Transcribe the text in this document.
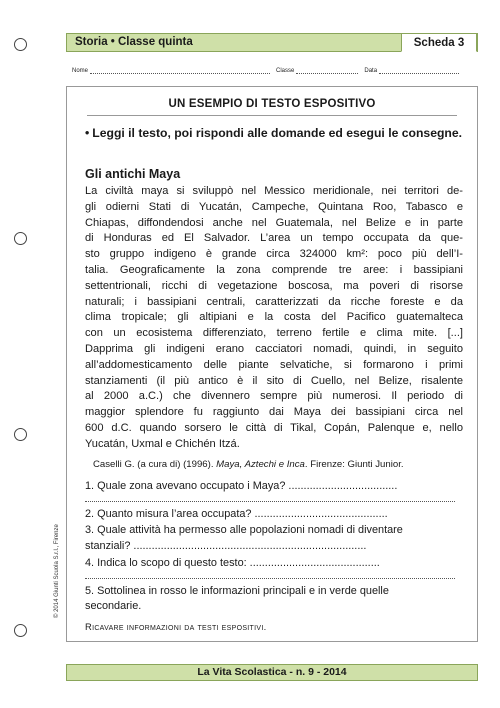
Storia • Classe quinta	Scheda 3
Nome	Classe	Data
UN ESEMPIO DI TESTO ESPOSITIVO
• Leggi il testo, poi rispondi alle domande ed esegui le consegne.
Gli antichi Maya
La civiltà maya si sviluppò nel Messico meridionale, nei territori de-
gli odierni Stati di Yucatán, Campeche, Quintana Roo, Tabasco e
Chiapas, diffondendosi anche nel Guatemala, nel Belize e in parte
di Honduras ed El Salvador. L’area un tempo occupata da que-
sto gruppo indigeno è grande circa 324000 km²: poco più dell’I-
talia. Geograficamente la zona comprende tre aree: i bassipiani
settentrionali, ricchi di vegetazione boscosa, ma poveri di risorse
naturali; i bassipiani centrali, caratterizzati da ricche foreste e da
clima tropicale; gli altipiani e la costa del Pacifico guatemalteca
con un ecosistema differenziato, terreno fertile e clima mite. [...]
Dapprima gli indigeni erano cacciatori nomadi, quindi, in seguito
all’addomesticamento delle piante selvatiche, si formarono i primi
stanziamenti (il più antico è il sito di Cuello, nel Belize, risalente
al 2000 a.C.) che divennero sempre più numerosi. Il periodo di
maggior splendore fu raggiunto dai Maya dei bassipiani circa nel
600 d.C. quando sorsero le città di Tikal, Copán, Palenque e, nello
Yucatán, Uxmal e Chichén Itzá.
Caselli G. (a cura di) (1996). Maya, Aztechi e Inca. Firenze: Giunti Junior.
1. Quale zona avevano occupato i Maya? ....................................
2. Quanto misura l’area occupata? ............................................
3. Quale attività ha permesso alle popolazioni nomadi di diventare
stanziali? .............................................................................
4. Indica lo scopo di questo testo: ...........................................
5. Sottolinea in rosso le informazioni principali e in verde quelle
Ricavare informazioni da testi espositivi.
secondarie.
© 2014 Giunti Scuola S.r.l., Firenze
La Vita Scolastica - n. 9 - 2014
